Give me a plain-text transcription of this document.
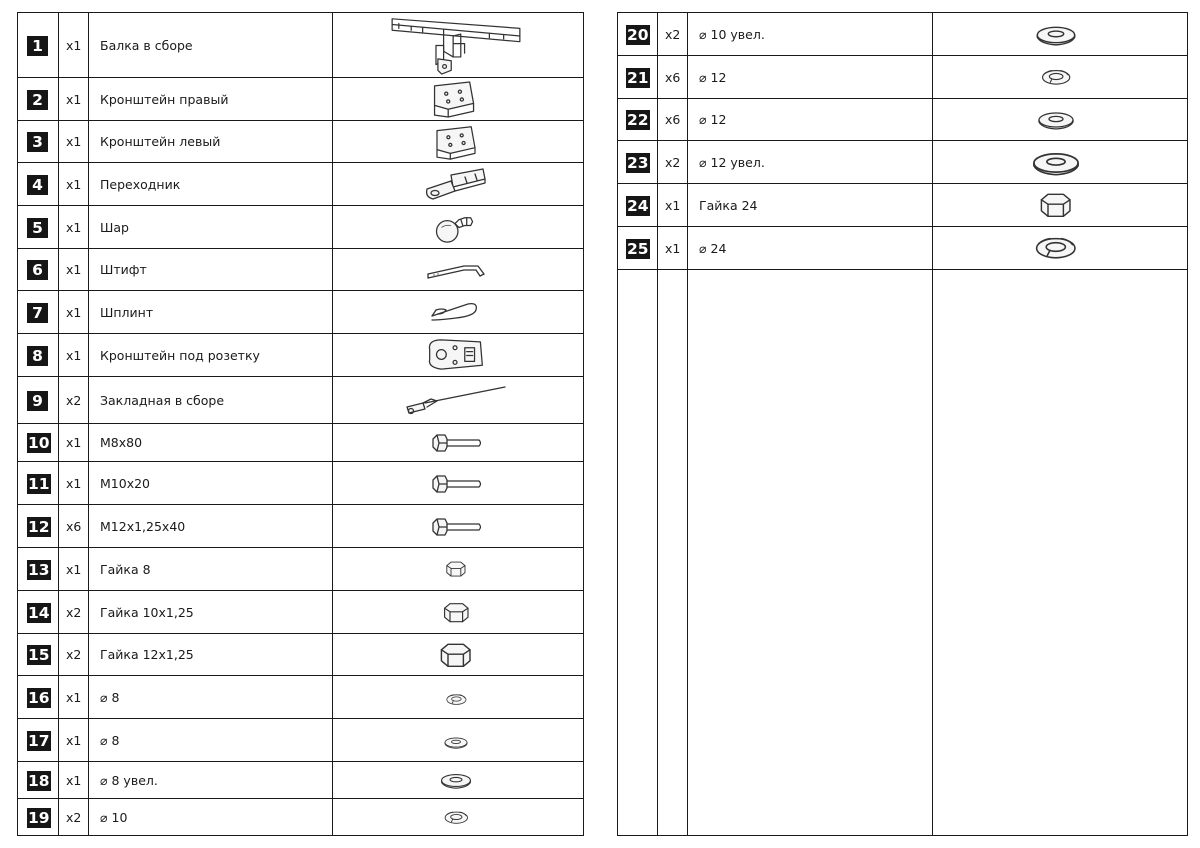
1	x1 Балка в сборе
2	x1 Кронштейн правый
3	x1 Кронштейн левый
4	x1 Переходник
5	x1 Шар
6	x1 Штифт
7	x1 Шплинт
8	x1 Кронштейн под розетку
9	x2 Закладная в сборе
10 x1 M8x80
11 x1 M10x20
12 x6 M12x1,25x40
13 x1 Гайка 8
14 x2 Гайка 10x1,25
15 x2 Гайка 12x1,25
16 x1 ⌀ 8
17 x1 ⌀ 8
18 x1 ⌀ 8 увел.
19 x2 ⌀ 10
20 x2 ⌀ 10 увел.
21 x6 ⌀ 12
22 x6 ⌀ 12
23 x2 ⌀ 12 увел.
24 x1 Гайка 24
25 x1 ⌀ 24
